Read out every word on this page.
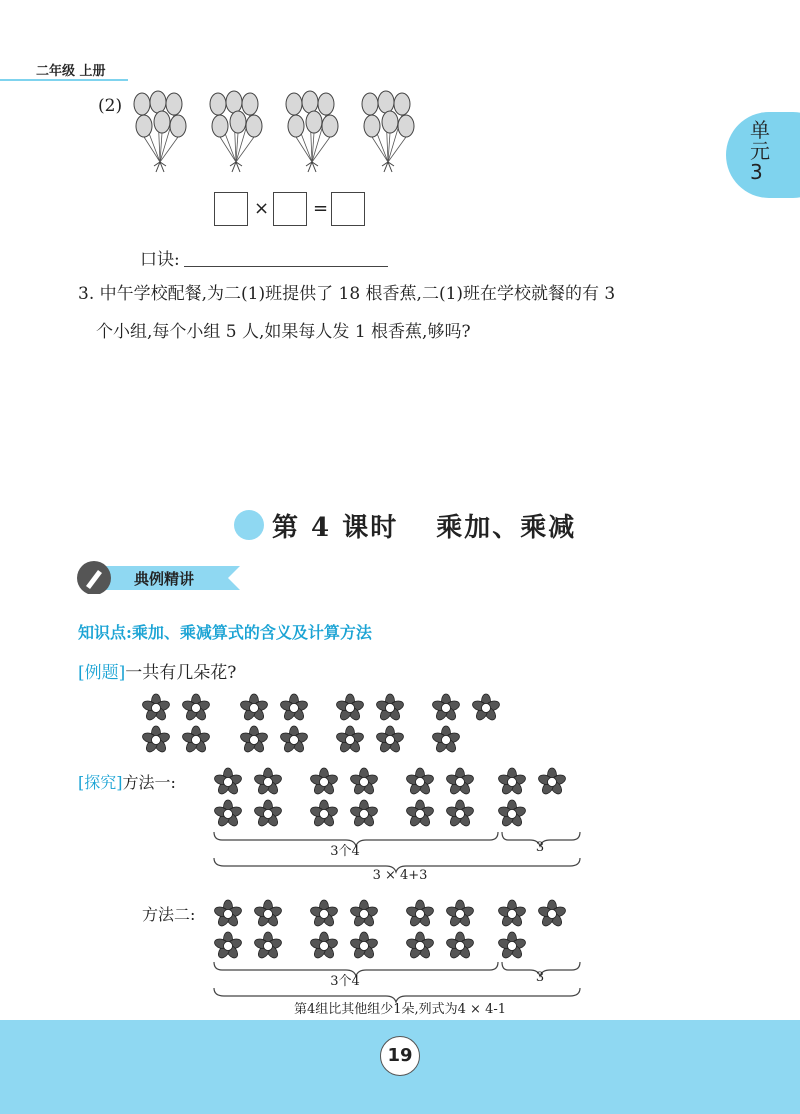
二年级 上册
单
元
3
(2)
× =
口诀:
3. 中午学校配餐,为二(1)班提供了 18 根香蕉,二(1)班在学校就餐的有 3
个小组,每个小组 5 人,如果每人发 1 根香蕉,够吗?
第 4 课时 乘加、乘减
典例精讲
知识点:乘加、乘减算式的含义及计算方法
[例题]一共有几朵花?
[探究]方法一:
3个4	3
3 × 4+3
方法二:
3个4	3
第4组比其他组少1朵,列式为4 × 4-1
19
